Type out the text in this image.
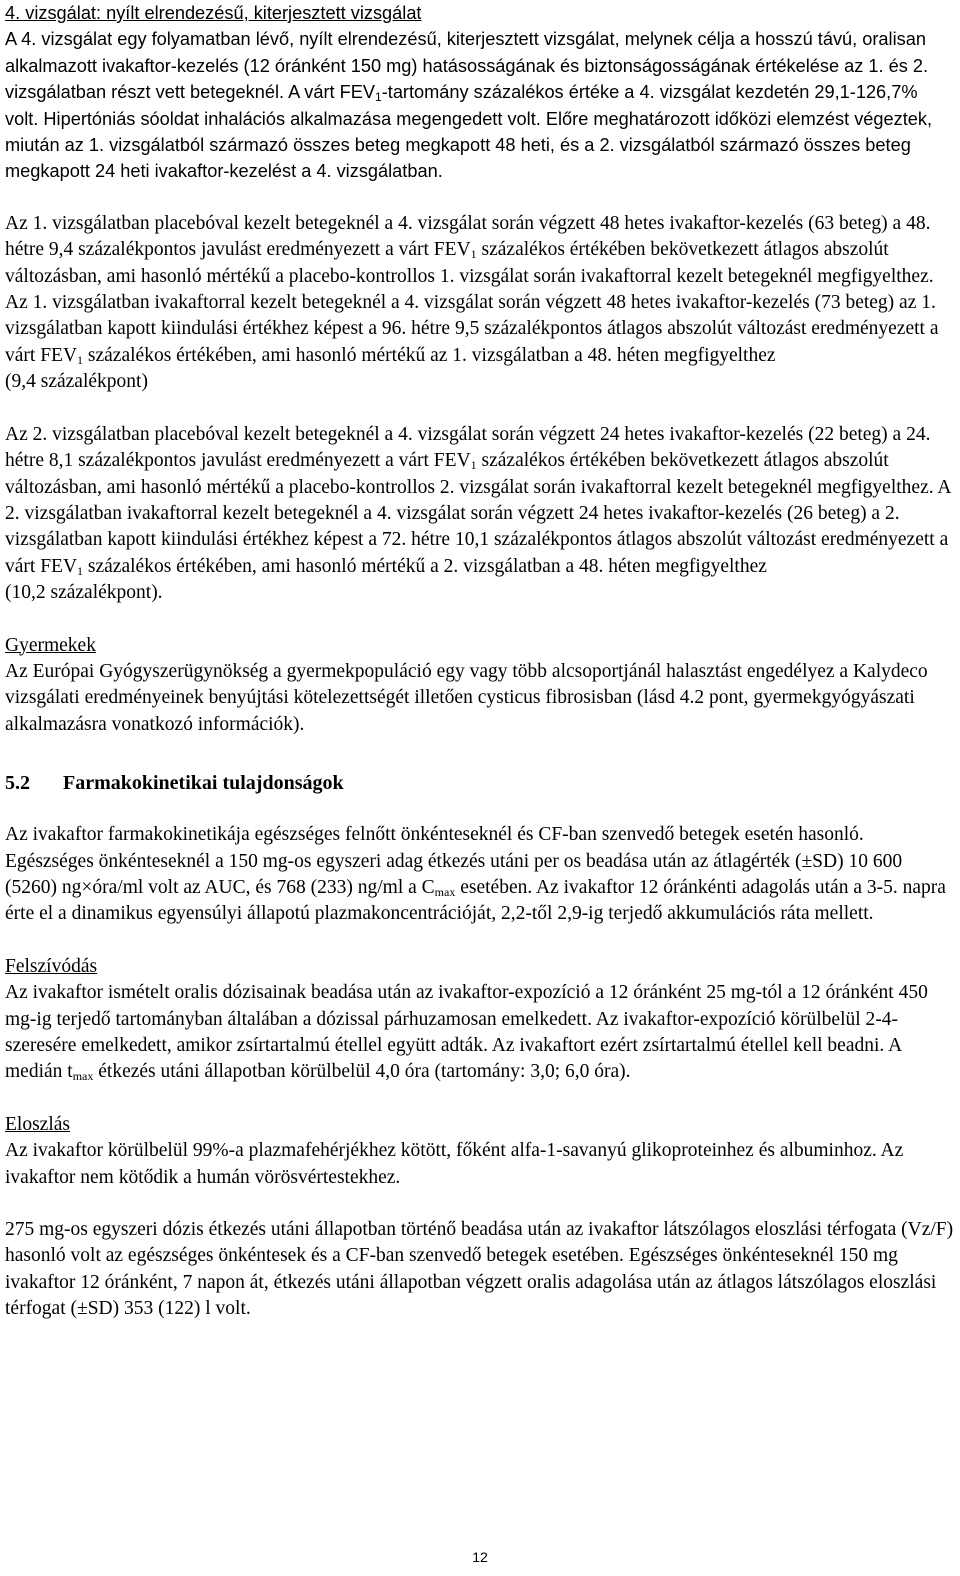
4. vizsgálat: nyílt elrendezésű, kiterjesztett vizsgálat

A 4. vizsgálat egy folyamatban lévő, nyílt elrendezésű, kiterjesztett vizsgálat, melynek célja a hosszú távú, oralisan alkalmazott ivakaftor-kezelés (12 óránként 150 mg) hatásosságának és biztonságosságának értékelése az 1. és 2. vizsgálatban részt vett betegeknél. A várt $FEV_1$-tartomány százalékos értéke a 4. vizsgálat kezdetén 29,1-126,7% volt. Hipertóniás sóoldat inhalációs alkalmazása megengedett volt. Előre meghatározott időközi elemzést végeztek, miután az 1. vizsgálatból származó összes beteg megkapott 48 heti, és a 2. vizsgálatból származó összes beteg megkapott 24 heti ivakaftor-kezelést a 4. vizsgálatban.

Az 1. vizsgálatban placebóval kezelt betegeknél a 4. vizsgálat során végzett 48 hetes ivakaftor-kezelés (63 beteg) a 48. hétre 9,4 százalékpontos javulást eredményezett a várt $FEV_1$ százalékos értékében bekövetkezett átlagos abszolút változásban, ami hasonló mértékű a placebo-kontrollos 1. vizsgálat során ivakaftorral kezelt betegeknél megfigyelthez. Az 1. vizsgálatban ivakaftorral kezelt betegeknél a 4. vizsgálat során végzett 48 hetes ivakaftor-kezelés (73 beteg) az 1. vizsgálatban kapott kiindulási értékhez képest a 96. hétre 9,5 százalékpontos átlagos abszolút változást eredményezett a várt $FEV_1$ százalékos értékében, ami hasonló mértékű az 1. vizsgálatban a 48. héten megfigyelthez
(9,4 százalékpont)

Az 2. vizsgálatban placebóval kezelt betegeknél a 4. vizsgálat során végzett 24 hetes ivakaftor-kezelés (22 beteg) a 24. hétre 8,1 százalékpontos javulást eredményezett a várt $FEV_1$ százalékos értékében bekövetkezett átlagos abszolút változásban, ami hasonló mértékű a placebo-kontrollos 2. vizsgálat során ivakaftorral kezelt betegeknél megfigyelthez. A 2. vizsgálatban ivakaftorral kezelt betegeknél a 4. vizsgálat során végzett 24 hetes ivakaftor-kezelés (26 beteg) a 2. vizsgálatban kapott kiindulási értékhez képest a 72. hétre 10,1 százalékpontos átlagos abszolút változást eredményezett a várt $FEV_1$ százalékos értékében, ami hasonló mértékű a 2. vizsgálatban a 48. héten megfigyelthez
(10,2 százalékpont).

Gyermekek

Az Európai Gyógyszerügynökség a gyermekpopuláció egy vagy több alcsoportjánál halasztást engedélyez a Kalydeco vizsgálati eredményeinek benyújtási kötelezettségét illetően cysticus fibrosisban (lásd 4.2 pont, gyermekgyógyászati alkalmazásra vonatkozó információk).

5.2 Farmakokinetikai tulajdonságok

Az ivakaftor farmakokinetikája egészséges felnőtt önkénteseknél és CF-ban szenvedő betegek esetén hasonló.

Egészséges önkénteseknél a 150 mg-os egyszeri adag étkezés utáni per os beadása után az átlagérték (±SD) 10 600 (5260) ng×óra/ml volt az AUC, és 768 (233) ng/ml a $C_{max}$ esetében. Az ivakaftor 12 óránkénti adagolás után a 3-5. napra érte el a dinamikus egyensúlyi állapotú plazmakoncentrációját, 2,2-től 2,9-ig terjedő akkumulációs ráta mellett.

Felszívódás

Az ivakaftor ismételt oralis dózisainak beadása után az ivakaftor-expozíció a 12 óránként 25 mg-tól a 12 óránként 450 mg-ig terjedő tartományban általában a dózissal párhuzamosan emelkedett. Az ivakaftor-expozíció körülbelül 2-4-szeresére emelkedett, amikor zsírtartalmú étellel együtt adták. Az ivakaftort ezért zsírtartalmú étellel kell beadni. A medián $t_{max}$ étkezés utáni állapotban körülbelül 4,0 óra (tartomány: 3,0; 6,0 óra).

Eloszlás

Az ivakaftor körülbelül 99%-a plazmafehérjékhez kötött, főként alfa-1-savanyú glikoproteinhez és albuminhoz. Az ivakaftor nem kötődik a humán vörösvértestekhez.

275 mg-os egyszeri dózis étkezés utáni állapotban történő beadása után az ivakaftor látszólagos eloszlási térfogata (Vz/F) hasonló volt az egészséges önkéntesek és a CF-ban szenvedő betegek esetében. Egészséges önkénteseknél 150 mg ivakaftor 12 óránként, 7 napon át, étkezés utáni állapotban végzett oralis adagolása után az átlagos látszólagos eloszlási térfogat (±SD) 353 (122) l volt.

12
